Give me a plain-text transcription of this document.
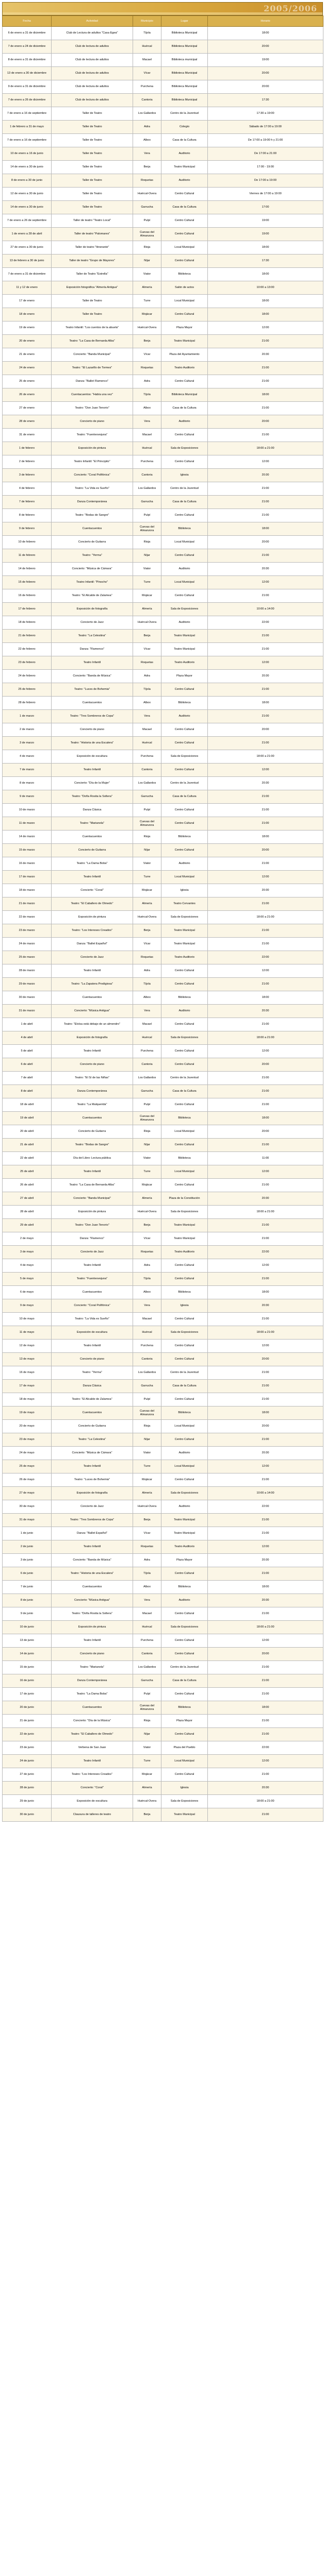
2005/2006
Fecha	Actividad	Municipio	Lugar	Horario
6 de enero a 31 de diciembre	Club de Lectura de adultos "Casa Egea"	Tíjola	Biblioteca Municipal	18:00
7 de enero a 24 de diciembre	Club de lectura de adultos	Huércal	Biblioteca Municipal	20:00
8 de enero a 31 de diciembre	Club de lectura de adultos	Macael	Biblioteca municipal	19:00
13 de enero a 30 de diciembre	Club de lectura de adultos	Vícar	Biblioteca Municipal	20:00
9 de enero a 31 de diciembre	Club de lectura de adultos	Purchena	Biblioteca Municipal	20:00
7 de enero a 26 de diciembre	Club de lectura de adultos	Cantoria	Biblioteca Municipal	17:30
7 de enero a 16 de septiembre	Taller de Teatro	Los Gallardos	Centro de la Juventud	17:30 a 19:00
1 de febrero a 31 de mayo	Taller de Teatro	Adra	Colegio	Sábado de 17:00 a 19:00
7 de enero a 16 de septiembre	Taller de Teatro	Albox	Casa de la Cultura	De 17:00 a 19:00 h y 21:00
10 de enero a 16 de junio	Taller de Teatro	Vera	Auditorio	De 17:00 a 21:00
14 de enero a 30 de junio	Taller de Teatro	Berja	Teatro Municipal	17:00 - 19:00
8 de enero a 30 de junio	Taller de Teatro	Roquetas	Auditorio	De 17:00 a 19:00
12 de enero a 30 de junio	Taller de Teatro	Huércal-Overa	Centro Cultural	Viernes de 17:00 a 19:00
14 de enero a 30 de junio	Taller de Teatro	Garrucha	Casa de la Cultura	17:00
7 de enero a 26 de septiembre	Taller de teatro "Teatro Local"	Pulpí	Centro Cultural	19:00
1 de enero a 28 de abril	Taller de teatro "Palomares"	Cuevas del Almanzora	Centro Cultural	19:00
27 de enero a 30 de junio	Taller de teatro "Itinerante"	Rioja	Local Municipal	18:00
13 de febrero a 30 de junio	Taller de teatro "Grupo de Mayores"	Níjar	Centro Cultural	17:30
7 de enero a 31 de diciembre	Taller de Teatro "Estrella"	Viator	Biblioteca	18:00
11 y 12 de enero	Exposición fotográfica "Almería Antigua"	Almería	Salón de actos	10:00 a 13:00
17 de enero	Taller de Teatro	Turre	Local Municipal	18:00
18 de enero	Taller de Teatro	Mojácar	Centro Cultural	18:00
19 de enero	Teatro Infantil: "Los cuentos de la abuela"	Huércal-Overa	Plaza Mayor	12:00
20 de enero	Teatro: "La Casa de Bernarda Alba"	Berja	Teatro Municipal	21:00
21 de enero	Concierto: "Banda Municipal"	Vícar	Plaza del Ayuntamiento	20:30
24 de enero	Teatro: "El Lazarillo de Tormes"	Roquetas	Teatro Auditorio	21:00
25 de enero	Danza: "Ballet Flamenco"	Adra	Centro Cultural	21:00
26 de enero	Cuentacuentos: "Había una vez"	Tíjola	Biblioteca Municipal	18:00
27 de enero	Teatro: "Don Juan Tenorio"	Albox	Casa de la Cultura	21:00
28 de enero	Concierto de piano	Vera	Auditorio	20:00
31 de enero	Teatro: "Fuenteovejuna"	Macael	Centro Cultural	21:00
1 de febrero	Exposición de pintura	Huércal	Sala de Exposiciones	18:00 a 21:00
2 de febrero	Teatro Infantil: "El Principito"	Purchena	Centro Cultural	12:00
3 de febrero	Concierto: "Coral Polifónica"	Cantoria	Iglesia	20:30
4 de febrero	Teatro: "La Vida es Sueño"	Los Gallardos	Centro de la Juventud	21:00
7 de febrero	Danza Contemporánea	Garrucha	Casa de la Cultura	21:00
8 de febrero	Teatro: "Bodas de Sangre"	Pulpí	Centro Cultural	21:00
9 de febrero	Cuentacuentos	Cuevas del Almanzora	Biblioteca	18:00
10 de febrero	Concierto de Guitarra	Rioja	Local Municipal	20:00
11 de febrero	Teatro: "Yerma"	Níjar	Centro Cultural	21:00
14 de febrero	Concierto: "Música de Cámara"	Viator	Auditorio	20:30
15 de febrero	Teatro Infantil: "Pinocho"	Turre	Local Municipal	12:00
16 de febrero	Teatro: "El Alcalde de Zalamea"	Mojácar	Centro Cultural	21:00
17 de febrero	Exposición de fotografía	Almería	Sala de Exposiciones	10:00 a 14:00
18 de febrero	Concierto de Jazz	Huércal-Overa	Auditorio	22:00
21 de febrero	Teatro: "La Celestina"	Berja	Teatro Municipal	21:00
22 de febrero	Danza: "Flamenco"	Vícar	Teatro Municipal	21:00
23 de febrero	Teatro Infantil	Roquetas	Teatro Auditorio	12:00
24 de febrero	Concierto: "Banda de Música"	Adra	Plaza Mayor	20:30
25 de febrero	Teatro: "Luces de Bohemia"	Tíjola	Centro Cultural	21:00
28 de febrero	Cuentacuentos	Albox	Biblioteca	18:00
1 de marzo	Teatro: "Tres Sombreros de Copa"	Vera	Auditorio	21:00
2 de marzo	Concierto de piano	Macael	Centro Cultural	20:00
3 de marzo	Teatro: "Historia de una Escalera"	Huércal	Centro Cultural	21:00
4 de marzo	Exposición de escultura	Purchena	Sala de Exposiciones	18:00 a 21:00
7 de marzo	Teatro Infantil	Cantoria	Centro Cultural	12:00
8 de marzo	Concierto: "Día de la Mujer"	Los Gallardos	Centro de la Juventud	20:30
9 de marzo	Teatro: "Doña Rosita la Soltera"	Garrucha	Casa de la Cultura	21:00
10 de marzo	Danza Clásica	Pulpí	Centro Cultural	21:00
11 de marzo	Teatro: "Marianela"	Cuevas del Almanzora	Centro Cultural	21:00
14 de marzo	Cuentacuentos	Rioja	Biblioteca	18:00
15 de marzo	Concierto de Guitarra	Níjar	Centro Cultural	20:00
16 de marzo	Teatro: "La Dama Boba"	Viator	Auditorio	21:00
17 de marzo	Teatro Infantil	Turre	Local Municipal	12:00
18 de marzo	Concierto: "Coral"	Mojácar	Iglesia	20:30
21 de marzo	Teatro: "El Caballero de Olmedo"	Almería	Teatro Cervantes	21:00
22 de marzo	Exposición de pintura	Huércal-Overa	Sala de Exposiciones	18:00 a 21:00
23 de marzo	Teatro: "Los Intereses Creados"	Berja	Teatro Municipal	21:00
24 de marzo	Danza: "Ballet Español"	Vícar	Teatro Municipal	21:00
25 de marzo	Concierto de Jazz	Roquetas	Teatro Auditorio	22:00
28 de marzo	Teatro Infantil	Adra	Centro Cultural	12:00
29 de marzo	Teatro: "La Zapatera Prodigiosa"	Tíjola	Centro Cultural	21:00
30 de marzo	Cuentacuentos	Albox	Biblioteca	18:00
31 de marzo	Concierto: "Música Antigua"	Vera	Auditorio	20:30
1 de abril	Teatro: "Eloísa está debajo de un almendro"	Macael	Centro Cultural	21:00
4 de abril	Exposición de fotografía	Huércal	Sala de Exposiciones	18:00 a 21:00
5 de abril	Teatro Infantil	Purchena	Centro Cultural	12:00
6 de abril	Concierto de piano	Cantoria	Centro Cultural	20:00
7 de abril	Teatro: "El Sí de las Niñas"	Los Gallardos	Centro de la Juventud	21:00
8 de abril	Danza Contemporánea	Garrucha	Casa de la Cultura	21:00
18 de abril	Teatro: "La Malquerida"	Pulpí	Centro Cultural	21:00
19 de abril	Cuentacuentos	Cuevas del Almanzora	Biblioteca	18:00
20 de abril	Concierto de Guitarra	Rioja	Local Municipal	20:00
21 de abril	Teatro: "Bodas de Sangre"	Níjar	Centro Cultural	21:00
22 de abril	Día del Libro: Lectura pública	Viator	Biblioteca	11:00
25 de abril	Teatro Infantil	Turre	Local Municipal	12:00
26 de abril	Teatro: "La Casa de Bernarda Alba"	Mojácar	Centro Cultural	21:00
27 de abril	Concierto: "Banda Municipal"	Almería	Plaza de la Constitución	20:30
28 de abril	Exposición de pintura	Huércal-Overa	Sala de Exposiciones	18:00 a 21:00
29 de abril	Teatro: "Don Juan Tenorio"	Berja	Teatro Municipal	21:00
2 de mayo	Danza: "Flamenco"	Vícar	Teatro Municipal	21:00
3 de mayo	Concierto de Jazz	Roquetas	Teatro Auditorio	22:00
4 de mayo	Teatro Infantil	Adra	Centro Cultural	12:00
5 de mayo	Teatro: "Fuenteovejuna"	Tíjola	Centro Cultural	21:00
6 de mayo	Cuentacuentos	Albox	Biblioteca	18:00
9 de mayo	Concierto: "Coral Polifónica"	Vera	Iglesia	20:30
10 de mayo	Teatro: "La Vida es Sueño"	Macael	Centro Cultural	21:00
11 de mayo	Exposición de escultura	Huércal	Sala de Exposiciones	18:00 a 21:00
12 de mayo	Teatro Infantil	Purchena	Centro Cultural	12:00
13 de mayo	Concierto de piano	Cantoria	Centro Cultural	20:00
16 de mayo	Teatro: "Yerma"	Los Gallardos	Centro de la Juventud	21:00
17 de mayo	Danza Clásica	Garrucha	Casa de la Cultura	21:00
18 de mayo	Teatro: "El Alcalde de Zalamea"	Pulpí	Centro Cultural	21:00
19 de mayo	Cuentacuentos	Cuevas del Almanzora	Biblioteca	18:00
20 de mayo	Concierto de Guitarra	Rioja	Local Municipal	20:00
23 de mayo	Teatro: "La Celestina"	Níjar	Centro Cultural	21:00
24 de mayo	Concierto: "Música de Cámara"	Viator	Auditorio	20:30
25 de mayo	Teatro Infantil	Turre	Local Municipal	12:00
26 de mayo	Teatro: "Luces de Bohemia"	Mojácar	Centro Cultural	21:00
27 de mayo	Exposición de fotografía	Almería	Sala de Exposiciones	10:00 a 14:00
30 de mayo	Concierto de Jazz	Huércal-Overa	Auditorio	22:00
31 de mayo	Teatro: "Tres Sombreros de Copa"	Berja	Teatro Municipal	21:00
1 de junio	Danza: "Ballet Español"	Vícar	Teatro Municipal	21:00
2 de junio	Teatro Infantil	Roquetas	Teatro Auditorio	12:00
3 de junio	Concierto: "Banda de Música"	Adra	Plaza Mayor	20:30
6 de junio	Teatro: "Historia de una Escalera"	Tíjola	Centro Cultural	21:00
7 de junio	Cuentacuentos	Albox	Biblioteca	18:00
8 de junio	Concierto: "Música Antigua"	Vera	Auditorio	20:30
9 de junio	Teatro: "Doña Rosita la Soltera"	Macael	Centro Cultural	21:00
10 de junio	Exposición de pintura	Huércal	Sala de Exposiciones	18:00 a 21:00
13 de junio	Teatro Infantil	Purchena	Centro Cultural	12:00
14 de junio	Concierto de piano	Cantoria	Centro Cultural	20:00
15 de junio	Teatro: "Marianela"	Los Gallardos	Centro de la Juventud	21:00
16 de junio	Danza Contemporánea	Garrucha	Casa de la Cultura	21:00
17 de junio	Teatro: "La Dama Boba"	Pulpí	Centro Cultural	21:00
20 de junio	Cuentacuentos	Cuevas del Almanzora	Biblioteca	18:00
21 de junio	Concierto: "Día de la Música"	Rioja	Plaza Mayor	21:00
22 de junio	Teatro: "El Caballero de Olmedo"	Níjar	Centro Cultural	21:00
23 de junio	Verbena de San Juan	Viator	Plaza del Pueblo	22:00
24 de junio	Teatro Infantil	Turre	Local Municipal	12:00
27 de junio	Teatro: "Los Intereses Creados"	Mojácar	Centro Cultural	21:00
28 de junio	Concierto: "Coral"	Almería	Iglesia	20:30
29 de junio	Exposición de escultura	Huércal-Overa	Sala de Exposiciones	18:00 a 21:00
30 de junio	Clausura de talleres de teatro	Berja	Teatro Municipal	21:00
